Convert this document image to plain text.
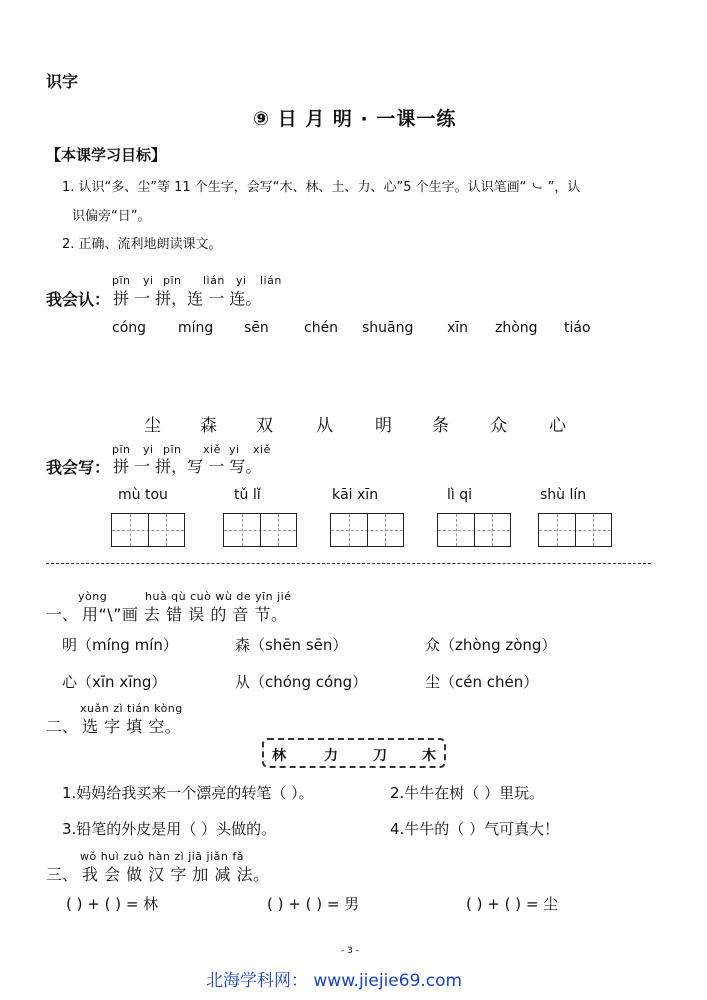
识字
⑨ 日 月 明 · 一课一练
【本课学习目标】
1. 认识“多、尘”等 11 个生字，会写“木、林、土、力、心”5 个生字。认识笔画“ ㇃ ”，认
识偏旁“日”。
2. 正确、流利地朗读课文。
pīn yi pīn lián yi lián
我会认： 拼 一 拼，连 一 连。
cóng míng sēn	chén shuāng xīn zhòng tiáo
尘 森 双	从 明 条 众 心
pīn yi pīn xiě yi xiě
我会写： 拼 一 拼，写 一 写。
mù tou	tǔ lǐ	kāi xīn	lì qi	shù lín
yòng	huà qù cuò wù de yīn jié
一、 用“\”画 去 错 误 的 音 节。
明（míng mín）	森（shēn sēn）	众（zhòng zòng）
心（xīn xīng）	从（chóng cóng）	尘（cén chén）
xuǎn zì tián kòng
二、 选 字 填 空。
林	力	刀	木
1.妈妈给我买来一个漂亮的转笔（ ）。	2.牛牛在树（ ）里玩。
3.铅笔的外皮是用（ ）头做的。	4.牛牛的（ ）气可真大！
wǒ huì zuò hàn zì jiā jiǎn fǎ
三、 我 会 做 汉 字 加 减 法。
( ) + ( ) = 林	( ) + ( ) = 男	( ) + ( ) = 尘
- 3 -
北海学科网： www.jiejie69.com
